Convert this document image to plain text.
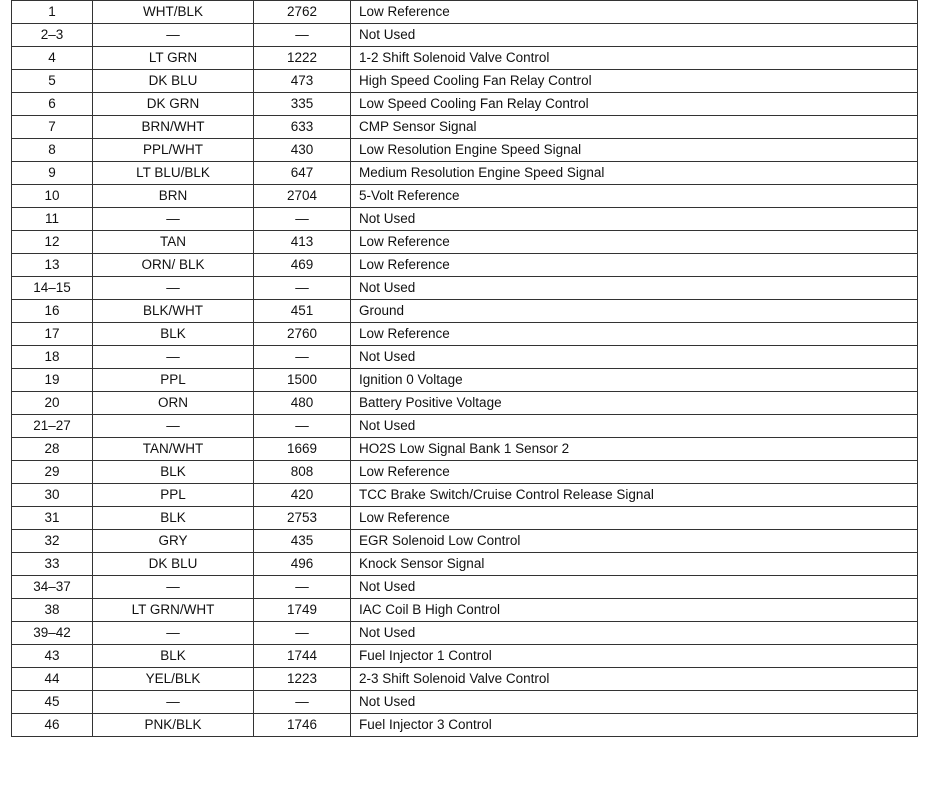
1	WHT/BLK	2762	Low Reference
2–3	—	—	Not Used
4	LT GRN	1222	1-2 Shift Solenoid Valve Control
5	DK BLU	473	High Speed Cooling Fan Relay Control
6	DK GRN	335	Low Speed Cooling Fan Relay Control
7	BRN/WHT	633	CMP Sensor Signal
8	PPL/WHT	430	Low Resolution Engine Speed Signal
9	LT BLU/BLK	647	Medium Resolution Engine Speed Signal
10	BRN	2704	5-Volt Reference
11	—	—	Not Used
12	TAN	413	Low Reference
13	ORN/ BLK	469	Low Reference
14–15	—	—	Not Used
16	BLK/WHT	451	Ground
17	BLK	2760	Low Reference
18	—	—	Not Used
19	PPL	1500	Ignition 0 Voltage
20	ORN	480	Battery Positive Voltage
21–27	—	—	Not Used
28	TAN/WHT	1669	HO2S Low Signal Bank 1 Sensor 2
29	BLK	808	Low Reference
30	PPL	420	TCC Brake Switch/Cruise Control Release Signal
31	BLK	2753	Low Reference
32	GRY	435	EGR Solenoid Low Control
33	DK BLU	496	Knock Sensor Signal
34–37	—	—	Not Used
38	LT GRN/WHT	1749	IAC Coil B High Control
39–42	—	—	Not Used
43	BLK	1744	Fuel Injector 1 Control
44	YEL/BLK	1223	2-3 Shift Solenoid Valve Control
45	—	—	Not Used
46	PNK/BLK	1746	Fuel Injector 3 Control
